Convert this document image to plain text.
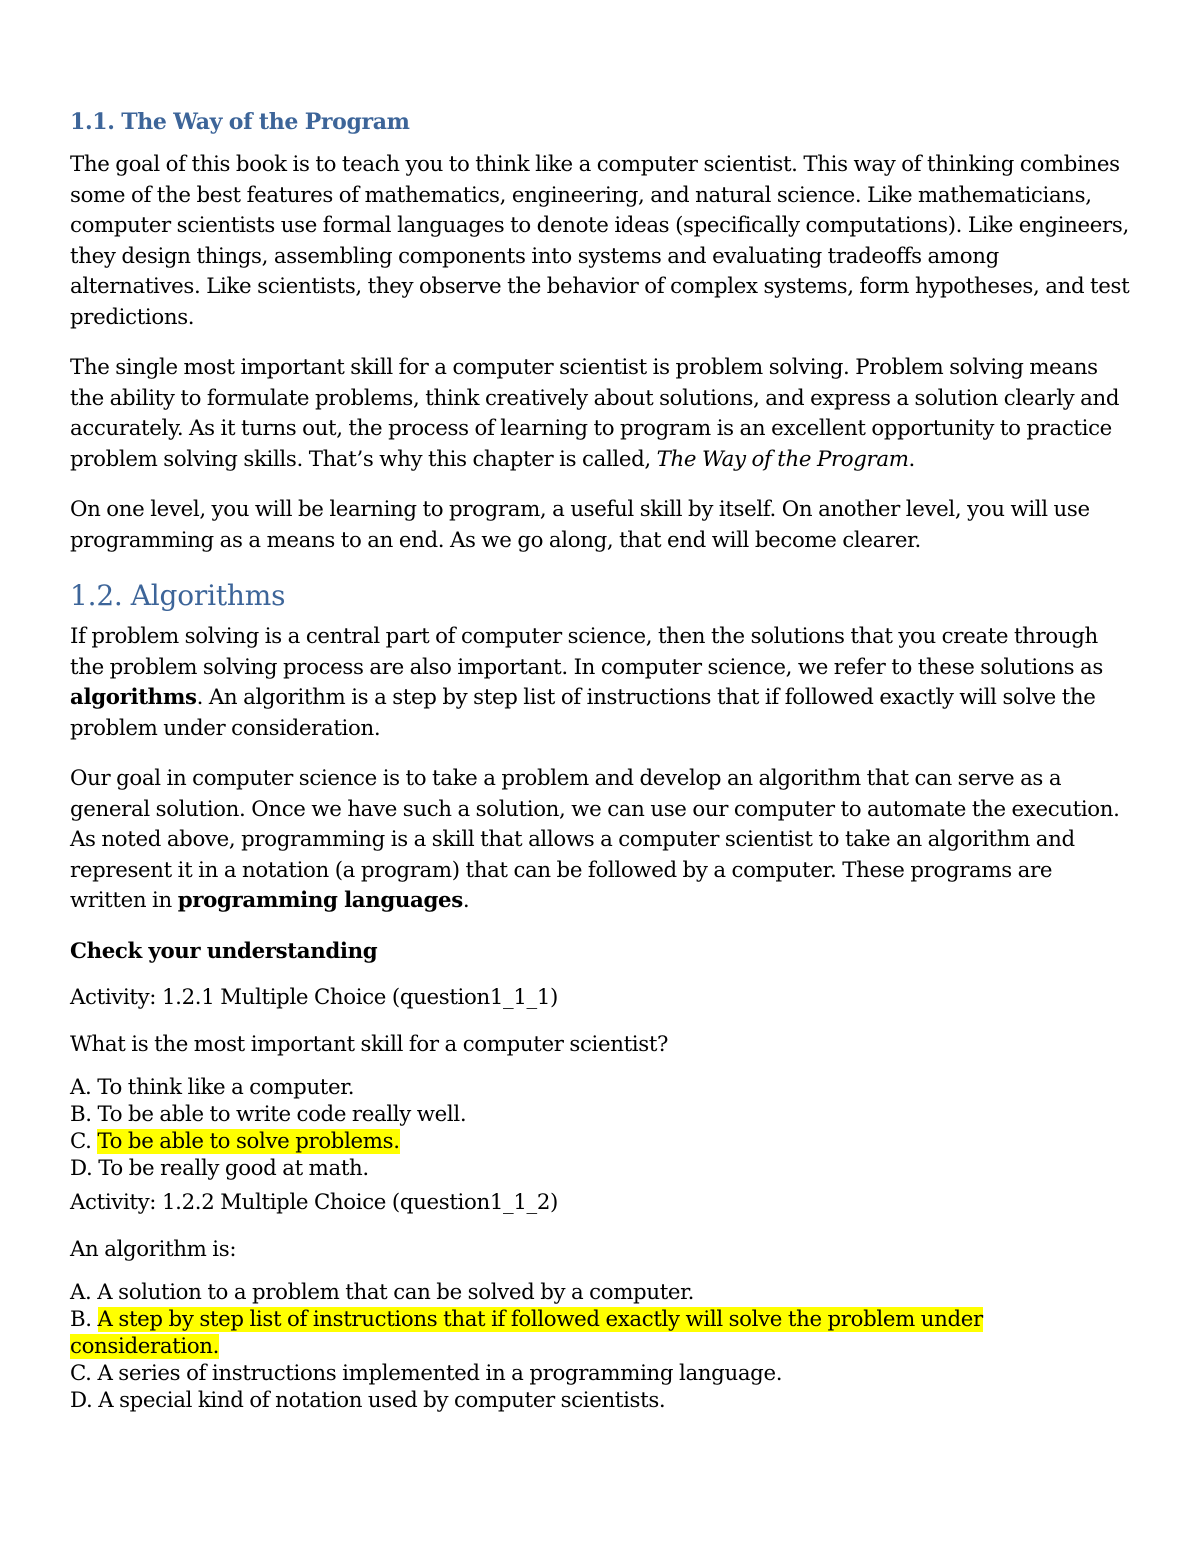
1.1. The Way of the Program

The goal of this book is to teach you to think like a computer scientist. This way of thinking combines some of the best features of mathematics, engineering, and natural science. Like mathematicians, computer scientists use formal languages to denote ideas (specifically computations). Like engineers, they design things, assembling components into systems and evaluating tradeoffs among alternatives. Like scientists, they observe the behavior of complex systems, form hypotheses, and test predictions.

The single most important skill for a computer scientist is problem solving. Problem solving means the ability to formulate problems, think creatively about solutions, and express a solution clearly and accurately. As it turns out, the process of learning to program is an excellent opportunity to practice problem solving skills. That’s why this chapter is called, The Way of the Program.

On one level, you will be learning to program, a useful skill by itself. On another level, you will use programming as a means to an end. As we go along, that end will become clearer.

1.2. Algorithms

If problem solving is a central part of computer science, then the solutions that you create through the problem solving process are also important. In computer science, we refer to these solutions as algorithms. An algorithm is a step by step list of instructions that if followed exactly will solve the problem under consideration.

Our goal in computer science is to take a problem and develop an algorithm that can serve as a general solution. Once we have such a solution, we can use our computer to automate the execution. As noted above, programming is a skill that allows a computer scientist to take an algorithm and represent it in a notation (a program) that can be followed by a computer. These programs are written in programming languages.

Check your understanding
Activity: 1.2.1 Multiple Choice (question1_1_1)
What is the most important skill for a computer scientist?
A. To think like a computer.
B. To be able to write code really well.
C. To be able to solve problems.
D. To be really good at math.
Activity: 1.2.2 Multiple Choice (question1_1_2)
An algorithm is:
A. A solution to a problem that can be solved by a computer.
B. A step by step list of instructions that if followed exactly will solve the problem under consideration.
C. A series of instructions implemented in a programming language.
D. A special kind of notation used by computer scientists.
